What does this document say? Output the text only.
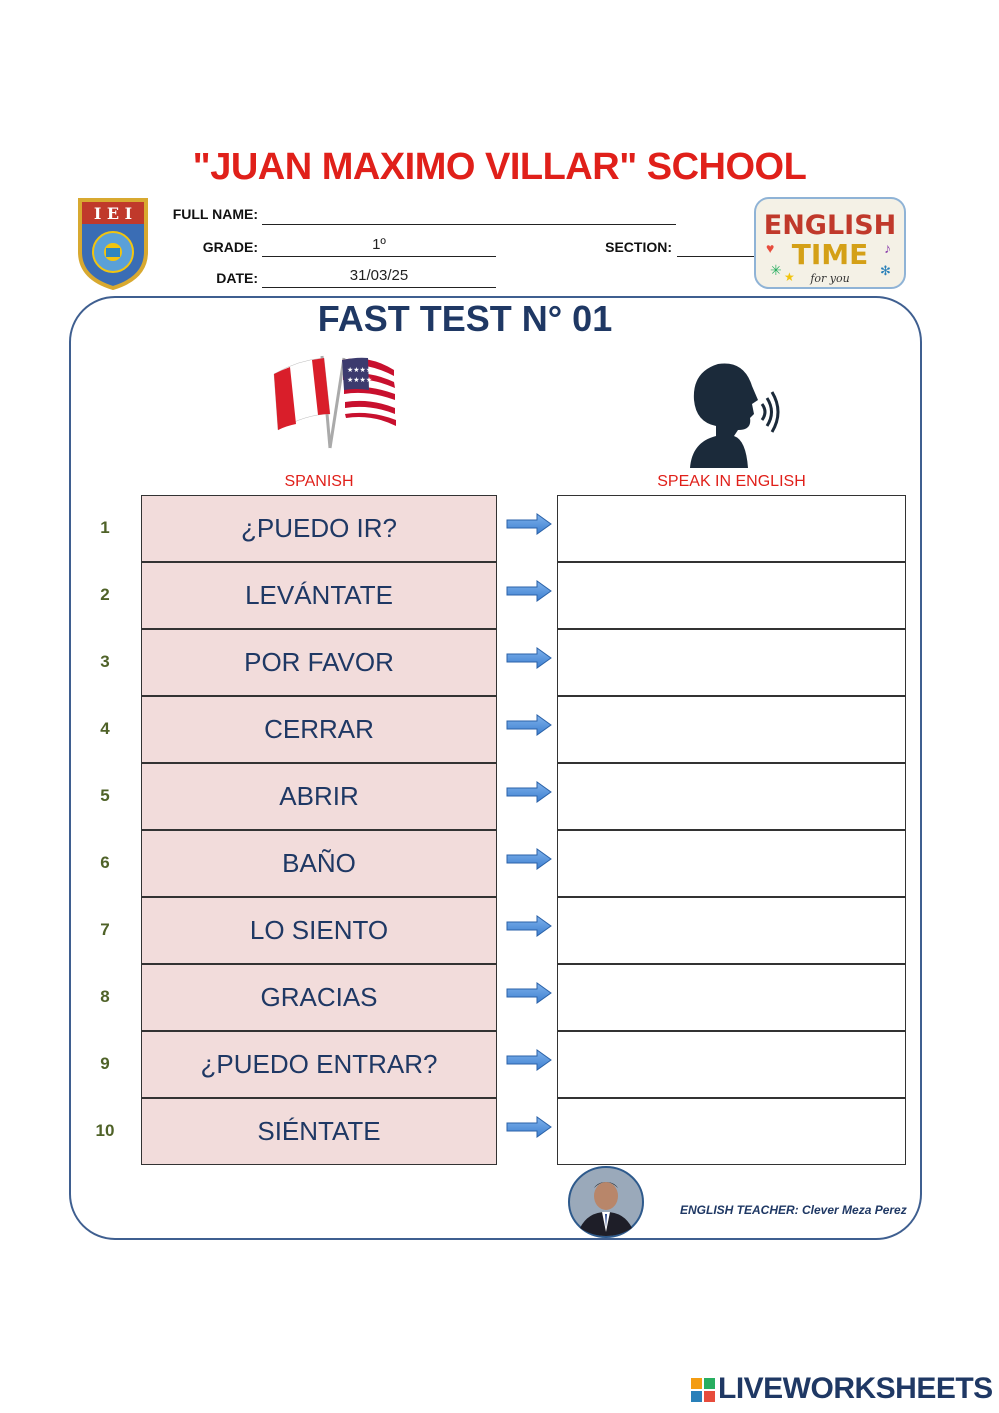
"JUAN MAXIMO VILLAR" SCHOOL
I E I	FULL NAME:
GRADE:	1º	SECTION:
DATE:	31/03/25
ENGLISH
TIME
for you
✳	✻
★
♥	♪
FAST TEST N° 01
★★★★
★★★★
SPANISH	SPEAK IN ENGLISH
1	¿PUEDO IR?
2	LEVÁNTATE
3	POR FAVOR
4	CERRAR
5	ABRIR
6	BAÑO
7	LO SIENTO
8	GRACIAS
9	¿PUEDO ENTRAR?
10	SIÉNTATE
ENGLISH TEACHER: Clever Meza Perez
LIVEWORKSHEETS
